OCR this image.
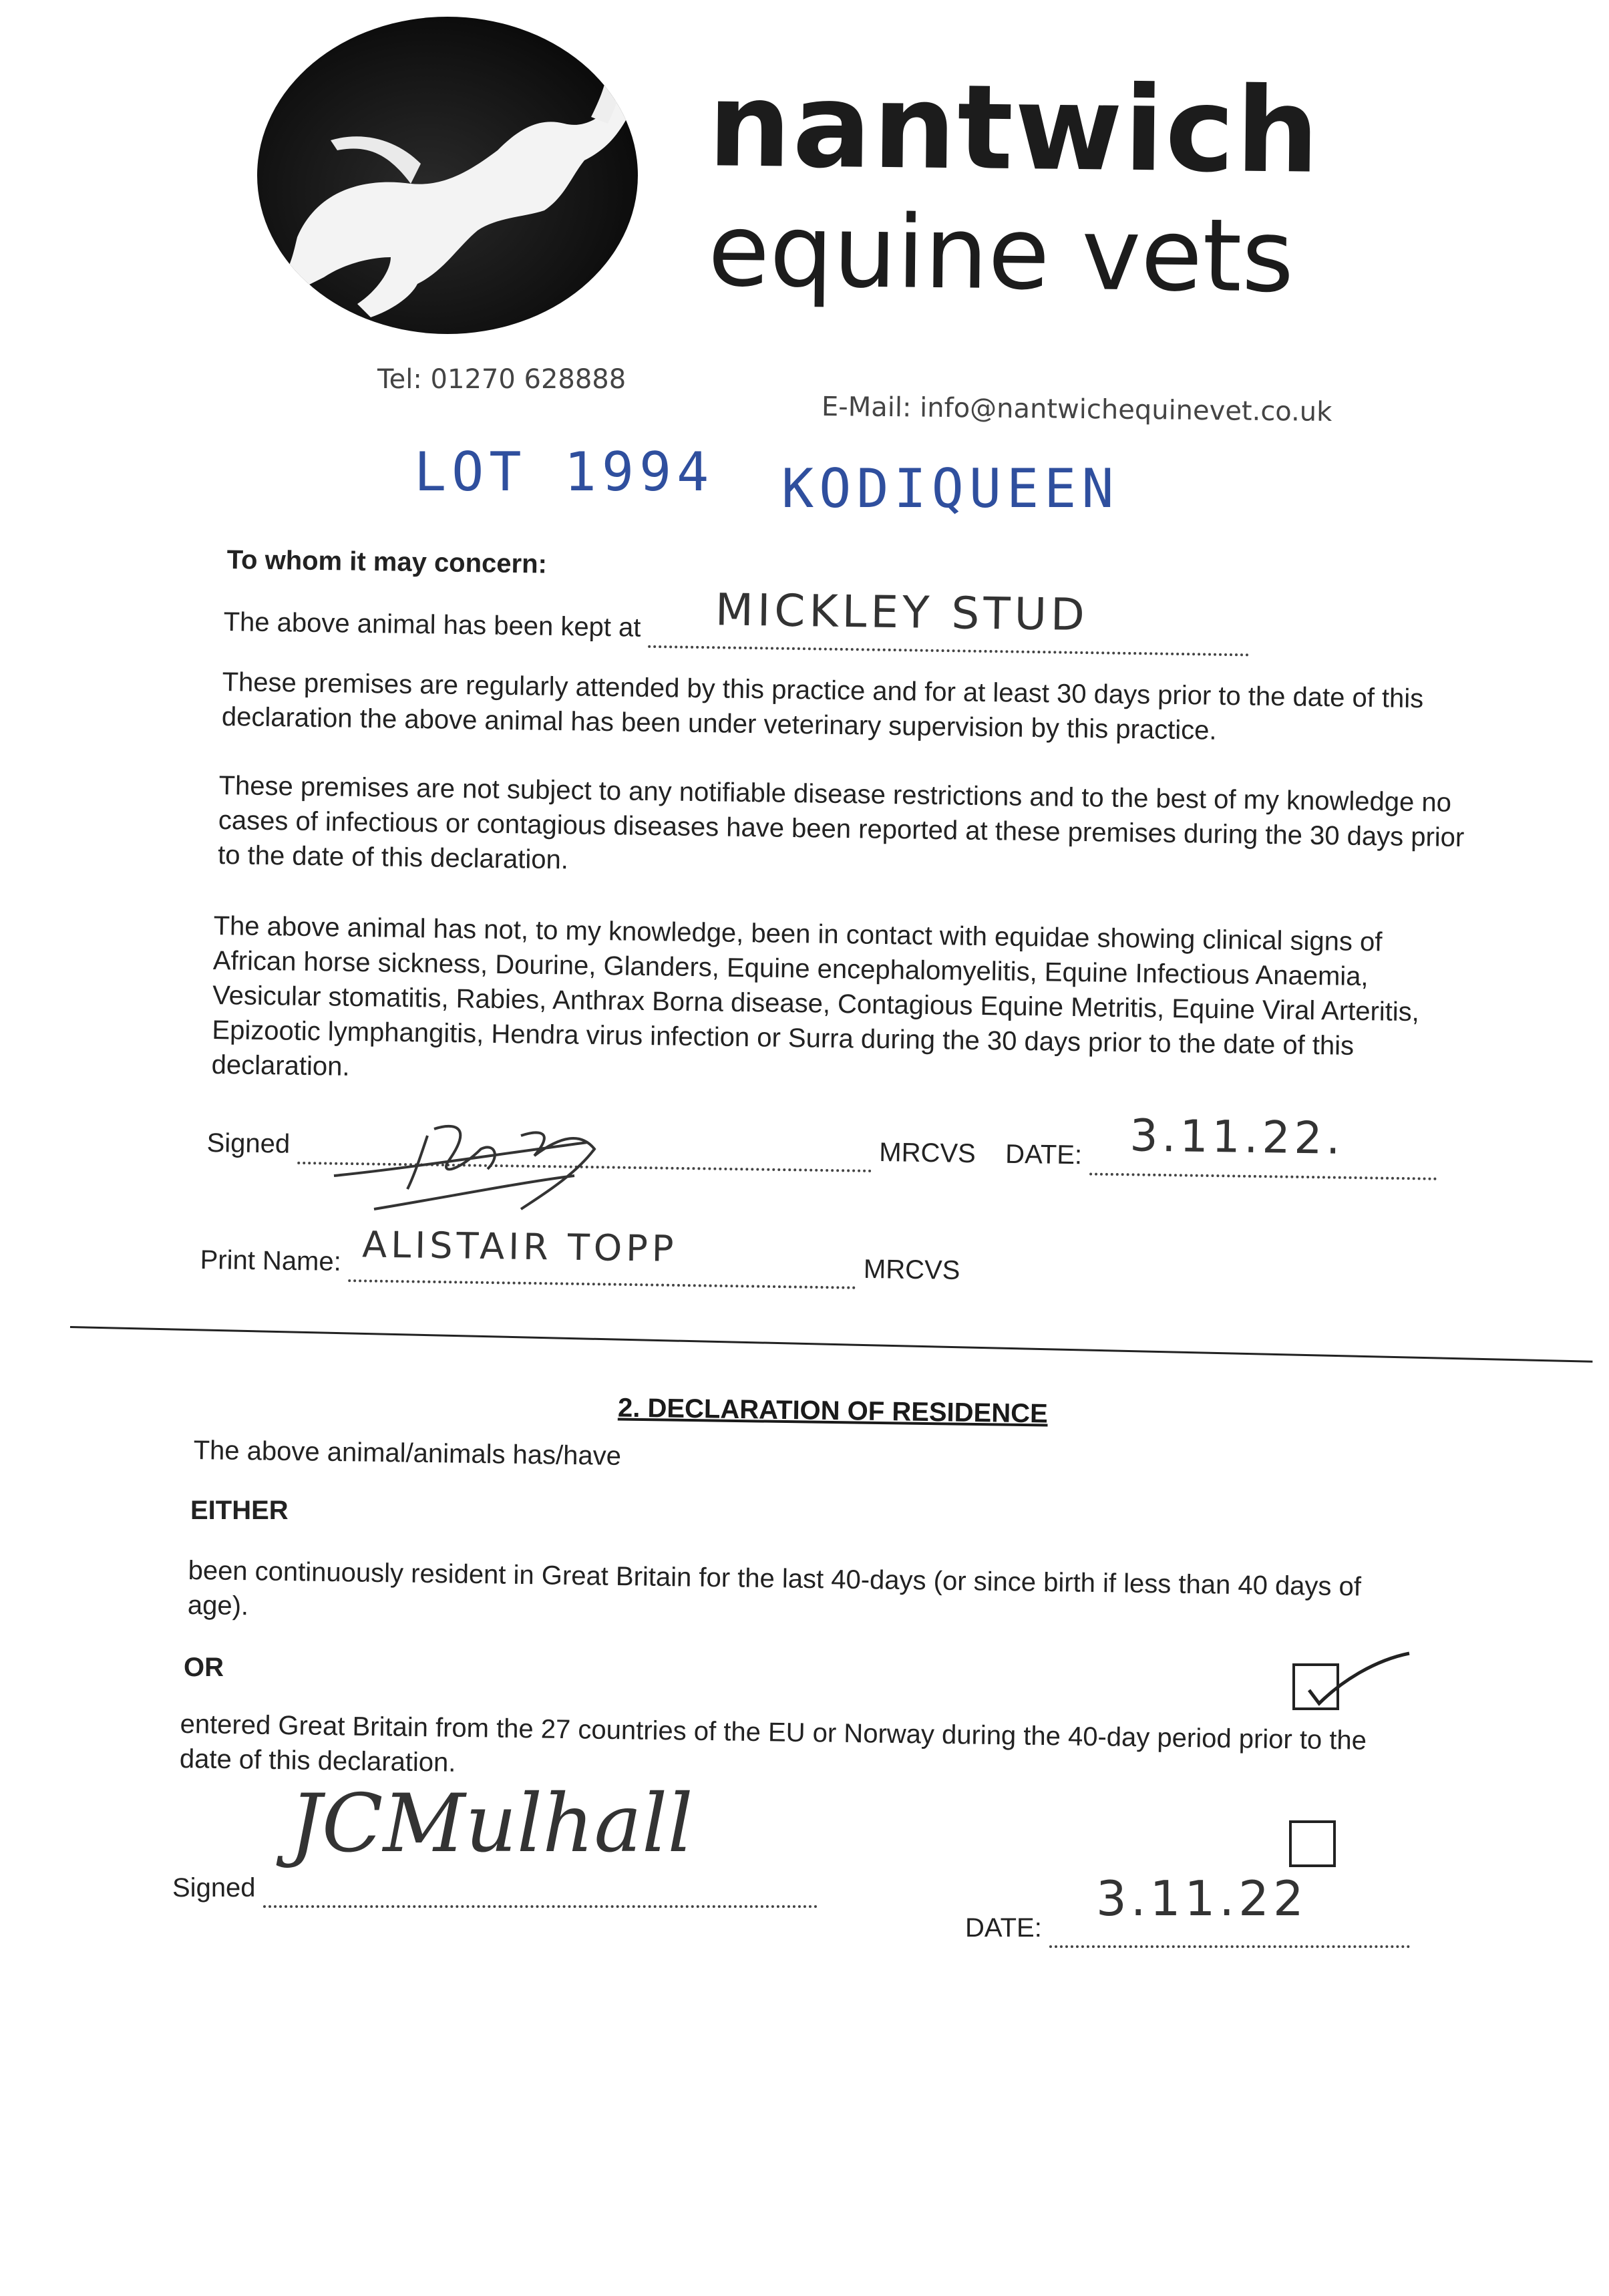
nantwich
equine vets
Tel: 01270 628888
E-Mail: info@nantwichequinevet.co.uk
LOT 1994 KODIQUEEN
To whom it may concern:
The above animal has been kept at MICKLEY STUD

These premises are regularly attended by this practice and for at least 30 days prior to the date of this declaration the above animal has been under veterinary supervision by this practice.
These premises are not subject to any notifiable disease restrictions and to the best of my knowledge no cases of infectious or contagious diseases have been reported at these premises during the 30 days prior to the date of this declaration.
The above animal has not, to my knowledge, been in contact with equidae showing clinical signs of African horse sickness, Dourine, Glanders, Equine encephalomyelitis, Equine Infectious Anaemia, Vesicular stomatitis, Rabies, Anthrax Borna disease, Contagious Equine Metritis, Equine Viral Arteritis, Epizootic lymphangitis, Hendra virus infection or Surra during the 30 days prior to the date of this declaration.
Signed	MRCVS DATE: 3.11.22.

Print Name: ALISTAIR TOPP	MRCVS
2. DECLARATION OF RESIDENCE
The above animal/animals has/have
EITHER
been continuously resident in Great Britain for the last 40-days (or since birth if less than 40 days of age).
OR
entered Great Britain from the 27 countries of the EU or Norway during the 40-day period prior to the date of this declaration.
Signed
JCMulhall

DATE:
3.11.22
